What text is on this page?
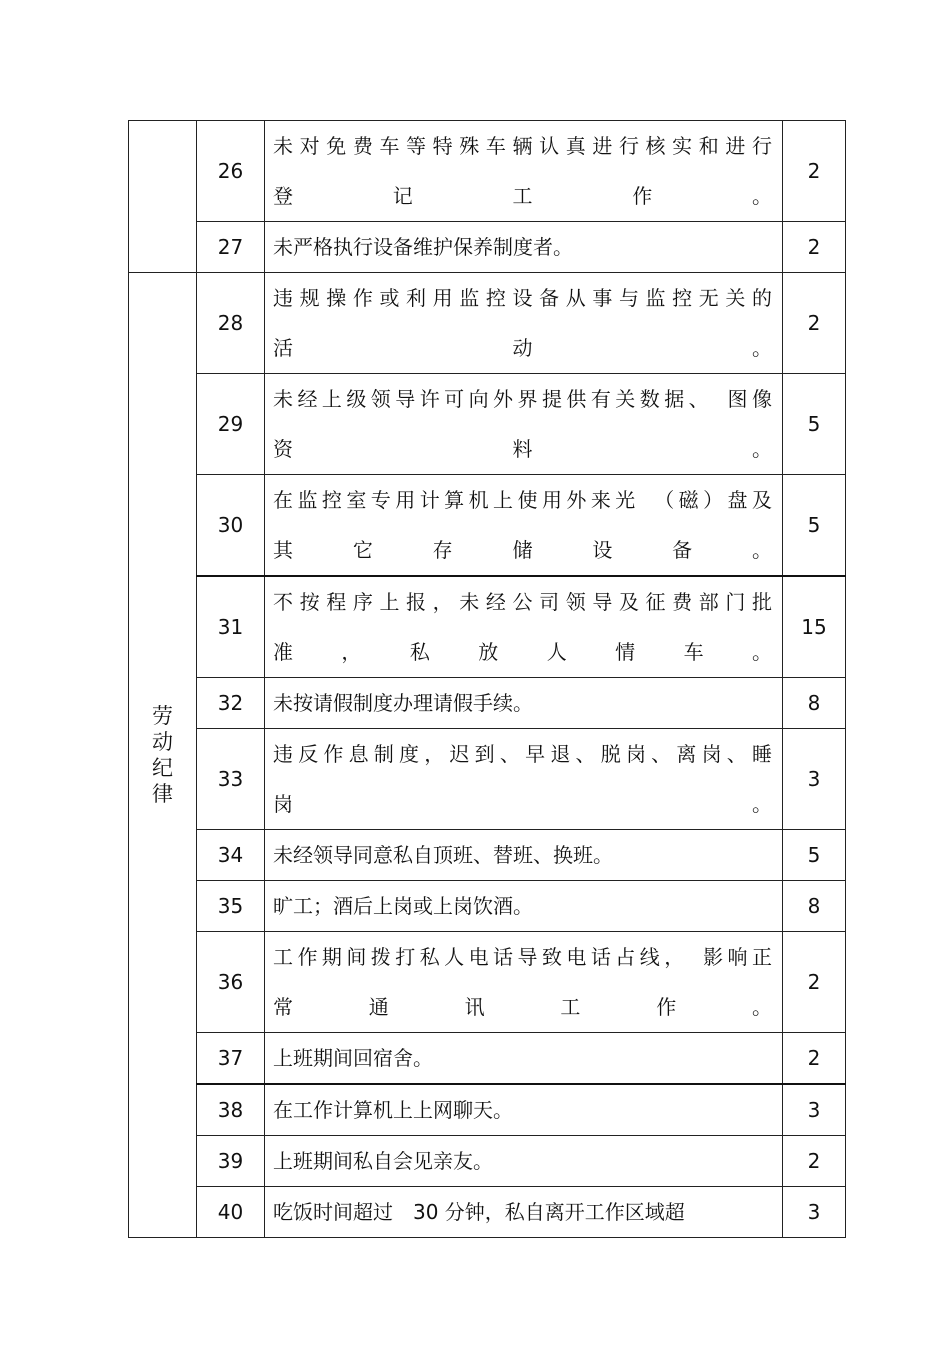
	26	未对免费车等特殊车辆认真进行核实和进行
登记工作。	2
	27	未严格执行设备维护保养制度者。	2
劳动纪律	28	违规操作或利用监控设备从事与监控无关的
活动。	2
	29	未经上级领导许可向外界提供有关数据、　图像
资料。	5
	30	在监控室专用计算机上使用外来光　（磁）盘及
其它存储设备。	5
	31	不按程序上报，未经公司领导及征费部门批
准，私放人情车。	15
	32	未按请假制度办理请假手续。	8
	33	违反作息制度，迟到、早退、脱岗、离岗、睡
岗。	3
	34	未经领导同意私自顶班、替班、换班。	5
	35	旷工；酒后上岗或上岗饮酒。	8
	36	工作期间拨打私人电话导致电话占线，　影响正
常通讯工作。	2
	37	上班期间回宿舍。	2
	38	在工作计算机上上网聊天。	3
	39	上班期间私自会见亲友。	2
	40	吃饭时间超过　30 分钟，私自离开工作区域超	3
